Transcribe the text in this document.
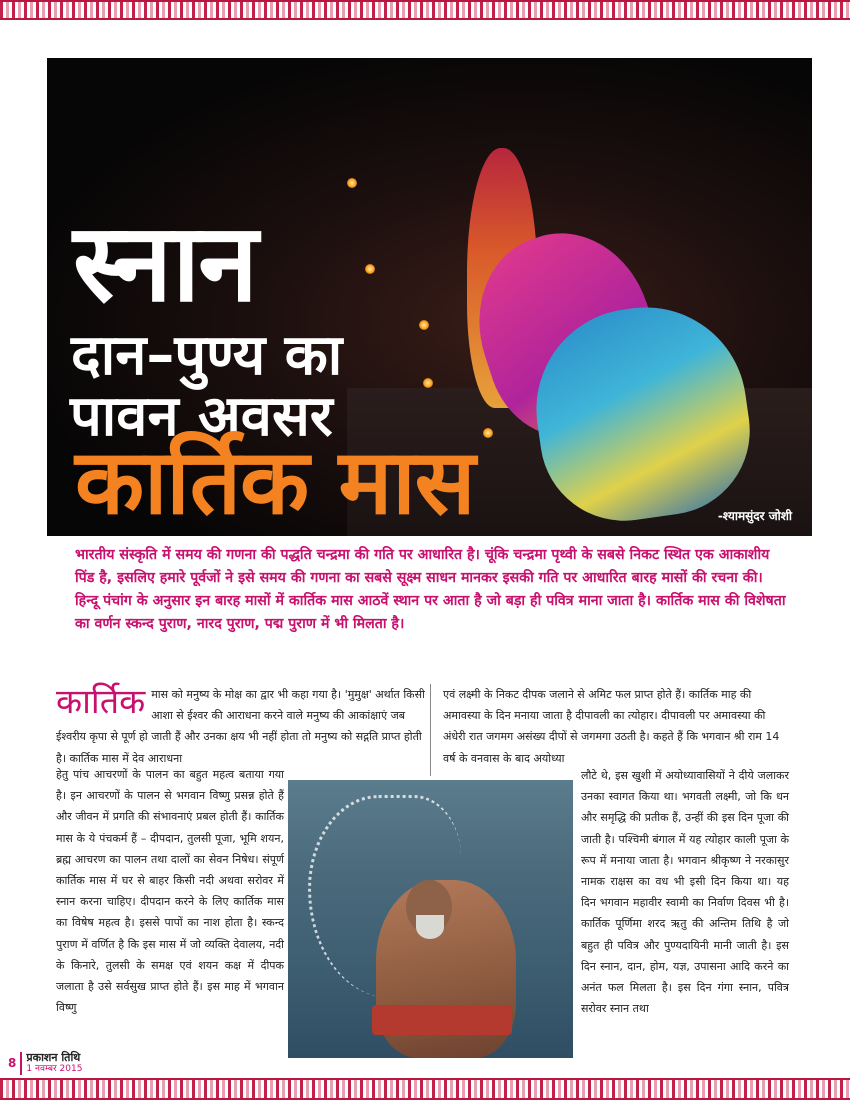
स्नान
दान–पुण्य का
पावन अवसर
कार्तिक मास	-श्यामसुंदर जोशी

भारतीय संस्कृति में समय की गणना की पद्धति चन्द्रमा की गति पर आधारित है। चूंकि चन्द्रमा पृथ्वी के सबसे निकट स्थित एक आकाशीय पिंड है, इसलिए हमारे पूर्वजों ने इसे समय की गणना का सबसे सूक्ष्म साधन मानकर इसकी गति पर आधारित बारह मासों की रचना की। हिन्दू पंचांग के अनुसार इन बारह मासों में कार्तिक मास आठवें स्थान पर आता है जो बड़ा ही पवित्र माना जाता है। कार्तिक मास की विशेषता का वर्णन स्कन्द पुराण, नारद पुराण, पद्म पुराण में भी मिलता है।

कार्तिक मास को मनुष्य के मोक्ष का द्वार भी कहा गया है। 'मुमुक्ष' अर्थात किसी आशा से ईश्वर की आराधना करने वाले मनुष्य की आकांक्षाएं जब ईश्वरीय कृपा से पूर्ण हो जाती हैं और उनका क्षय भी नहीं होता तो मनुष्य को सद्गति प्राप्त होती है। कार्तिक मास में देव आराधना

हेतु पांच आचरणों के पालन का बहुत महत्व बताया गया है। इन आचरणों के पालन से भगवान विष्णु प्रसन्न होते हैं और जीवन में प्रगति की संभावनाएं प्रबल होती हैं। कार्तिक मास के ये पंचकर्म हैं – दीपदान, तुलसी पूजा, भूमि शयन, ब्रह्म आचरण का पालन तथा दालों का सेवन निषेध। संपूर्ण कार्तिक मास में घर से बाहर किसी नदी अथवा सरोवर में स्नान करना चाहिए। दीपदान करने के लिए कार्तिक मास का विषेष महत्व है। इससे पापों का नाश होता है। स्कन्द पुराण में वर्णित है कि इस मास में जो व्यक्ति देवालय, नदी के किनारे, तुलसी के समक्ष एवं शयन कक्ष में दीपक जलाता है उसे सर्वसुख प्राप्त होते हैं। इस माह में भगवान विष्णु

एवं लक्ष्मी के निकट दीपक जलाने से अमिट फल प्राप्त होते हैं। कार्तिक माह की अमावस्या के दिन मनाया जाता है दीपावली का त्योहार। दीपावली पर अमावस्या की अंधेरी रात जगमग असंख्य दीपों से जगमगा उठती है। कहते हैं कि भगवान श्री राम 14 वर्ष के वनवास के बाद अयोध्या

लौटे थे, इस खुशी में अयोध्यावासियों ने दीये जलाकर उनका स्वागत किया था। भगवती लक्ष्मी, जो कि धन और समृद्धि की प्रतीक हैं, उन्हीं की इस दिन पूजा की जाती है। पश्चिमी बंगाल में यह त्योहार काली पूजा के रूप में मनाया जाता है। भगवान श्रीकृष्ण ने नरकासुर नामक राक्षस का वध भी इसी दिन किया था। यह दिन भगवान महावीर स्वामी का निर्वाण दिवस भी है। कार्तिक पूर्णिमा शरद ऋतु की अन्तिम तिथि है जो बहुत ही पवित्र और पुण्यदायिनी मानी जाती है। इस दिन स्नान, दान, होम, यज्ञ, उपासना आदि करने का अनंत फल मिलता है। इस दिन गंगा स्नान, पवित्र सरोवर स्नान तथा

8 प्रकाशन तिथि

1 नवम्बर 2015
